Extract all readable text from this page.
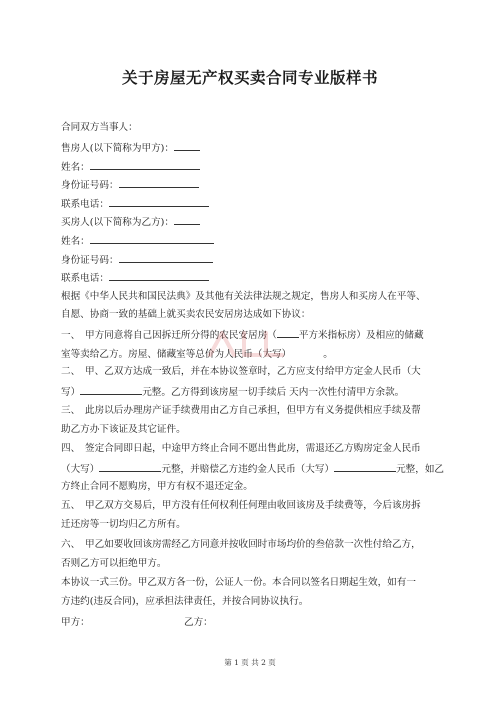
关于房屋无产权买卖合同专业版样书
合同双方当事人：
售房人(以下简称为甲方)：
姓名：
身份证号码：
联系电话：
买房人(以下简称为乙方)：
姓名：
身份证号码：
联系电话：
根据《中华人民共和国民法典》及其他有关法律法规之规定，售房人和买房人在平等、
自愿、协商一致的基础上就买卖农民安居房达成如下协议：
一、　甲方同意将自己因拆迁所分得的农民安居房（ 平方米指标房）及相应的储藏
室等卖给乙方。房屋、储藏室等总价为人民币（大写）	。
二、　甲、乙双方达成一致后，并在本协议签章时，乙方应支付给甲方定金人民币（大
写）	元整。乙方得到该房屋一切手续后 天内一次性付清甲方余款。
三、　此房以后办理房产证手续费用由乙方自己承担，但甲方有义务提供相应手续及帮
助乙方办下该证及其它证件。
四、　签定合同即日起，中途甲方终止合同不愿出售此房，需退还乙方购房定金人民币
（大写）	元整，并赔偿乙方违约金人民币（大写）	元整，如乙
方终止合同不愿购房，甲方有权不退还定金。
五、　甲乙双方交易后，甲方没有任何权利任何理由收回该房及手续费等，今后该房拆
迁还房等一切均归乙方所有。
六、　甲乙如要收回该房需经乙方同意并按收回时市场均价的叁倍款一次性付给乙方，
否则乙方可以拒绝甲方。
本协议一式三份。甲乙双方各一份，公证人一份。本合同以签名日期起生效，如有一
方违约(违反合同)，应承担法律责任，并按合同协议执行。
甲方：	乙方：
第 1 页 共 2 页
